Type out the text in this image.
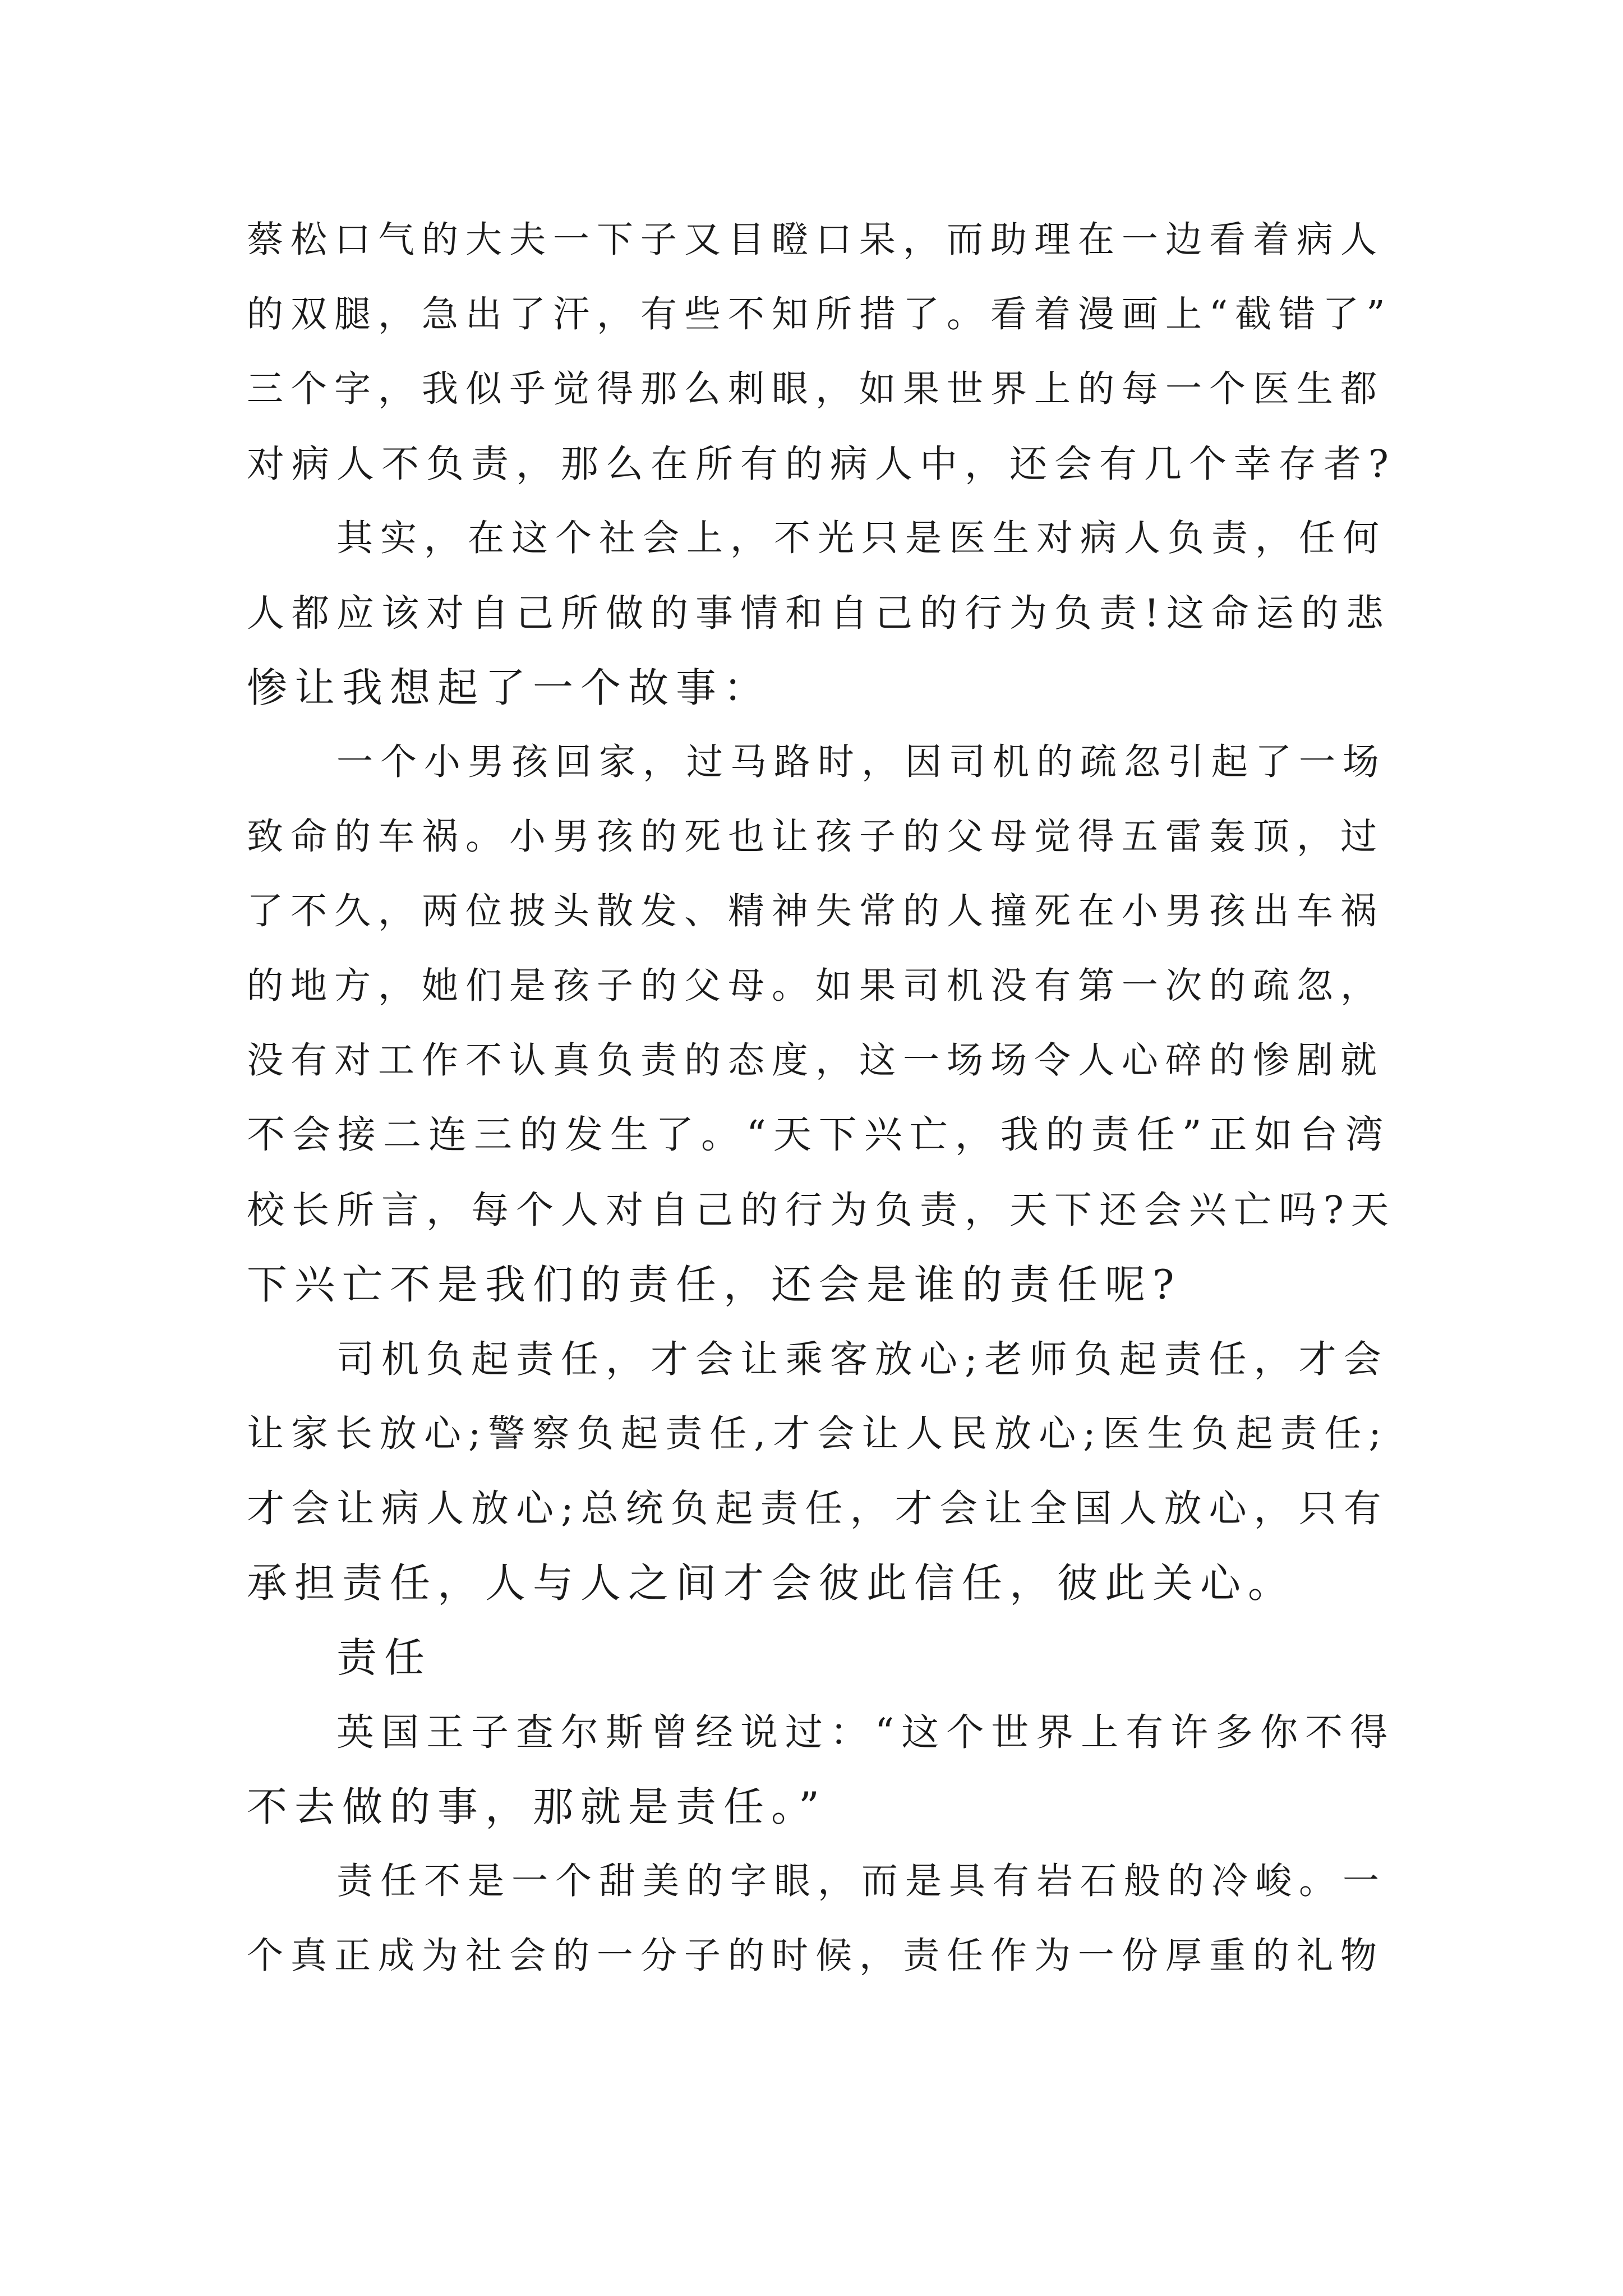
蔡松口气的大夫一下子又目瞪口呆，而助理在一边看着病人
的双腿，急出了汗，有些不知所措了。看着漫画上“截错了”
三个字，我似乎觉得那么刺眼，如果世界上的每一个医生都
对病人不负责，那么在所有的病人中，还会有几个幸存者?
其实，在这个社会上，不光只是医生对病人负责，任何
人都应该对自己所做的事情和自己的行为负责!这命运的悲
惨让我想起了一个故事：
一个小男孩回家，过马路时，因司机的疏忽引起了一场
致命的车祸。小男孩的死也让孩子的父母觉得五雷轰顶，过
了不久，两位披头散发、精神失常的人撞死在小男孩出车祸
的地方，她们是孩子的父母。如果司机没有第一次的疏忽，
没有对工作不认真负责的态度，这一场场令人心碎的惨剧就
不会接二连三的发生了。“天下兴亡，我的责任”正如台湾
校长所言，每个人对自己的行为负责，天下还会兴亡吗?天
下兴亡不是我们的责任，还会是谁的责任呢?
司机负起责任，才会让乘客放心;老师负起责任，才会
让家长放心;警察负起责任,才会让人民放心;医生负起责任;
才会让病人放心;总统负起责任，才会让全国人放心，只有
承担责任，人与人之间才会彼此信任，彼此关心。
责任
英国王子查尔斯曾经说过：“这个世界上有许多你不得
不去做的事，那就是责任。”
责任不是一个甜美的字眼，而是具有岩石般的冷峻。一
个真正成为社会的一分子的时候，责任作为一份厚重的礼物
